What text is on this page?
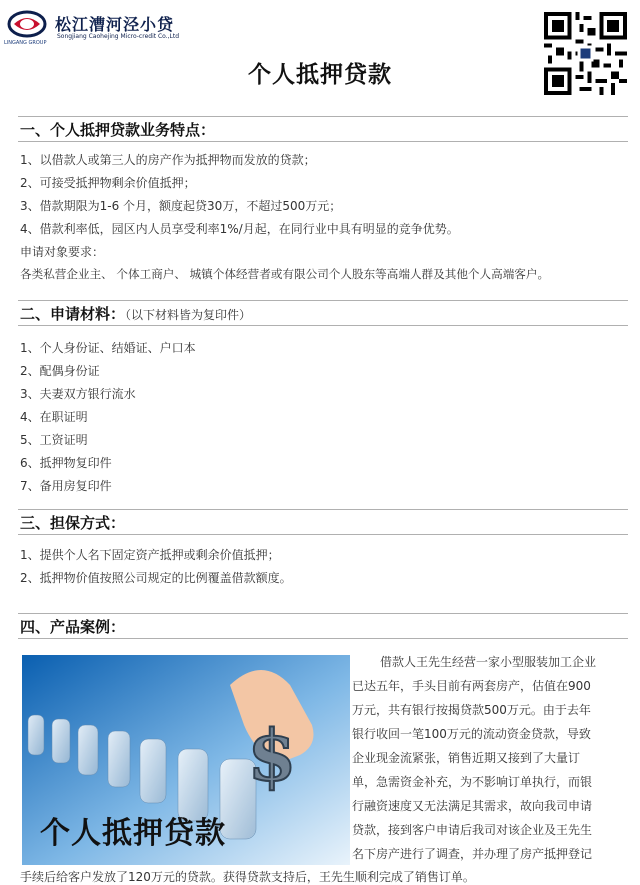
LINGANG GROUP
松江漕河泾小贷
Songjiang Caohejing Micro-credit Co.,Ltd
个人抵押贷款
一、个人抵押贷款业务特点：
1、以借款人或第三人的房产作为抵押物而发放的贷款；
2、可接受抵押物剩余价值抵押；
3、借款期限为1-6 个月，额度起贷30万，不超过500万元；
4、借款利率低，园区内人员享受利率1%/月起，在同行业中具有明显的竞争优势。
申请对象要求：
各类私营企业主、 个体工商户、 城镇个体经营者或有限公司个人股东等高端人群及其他个人高端客户。
二、申请材料：（以下材料皆为复印件）
1、个人身份证、结婚证、户口本
2、配偶身份证
3、夫妻双方银行流水
4、在职证明
5、工资证明
6、抵押物复印件
7、备用房复印件
三、担保方式：
1、提供个人名下固定资产抵押或剩余价值抵押；
2、抵押物价值按照公司规定的比例覆盖借款额度。
四、产品案例：
$
个人抵押贷款
借款人王先生经营一家小型服装加工企业
已达五年，手头目前有两套房产，估值在900
万元，共有银行按揭贷款500万元。由于去年
银行收回一笔100万元的流动资金贷款，导致
企业现金流紧张，销售近期又接到了大量订
单，急需资金补充，为不影响订单执行，而银
行融资速度又无法满足其需求，故向我司申请
贷款，接到客户申请后我司对该企业及王先生
名下房产进行了调查，并办理了房产抵押登记
手续后给客户发放了120万元的贷款。获得贷款支持后，王先生顺利完成了销售订单。
